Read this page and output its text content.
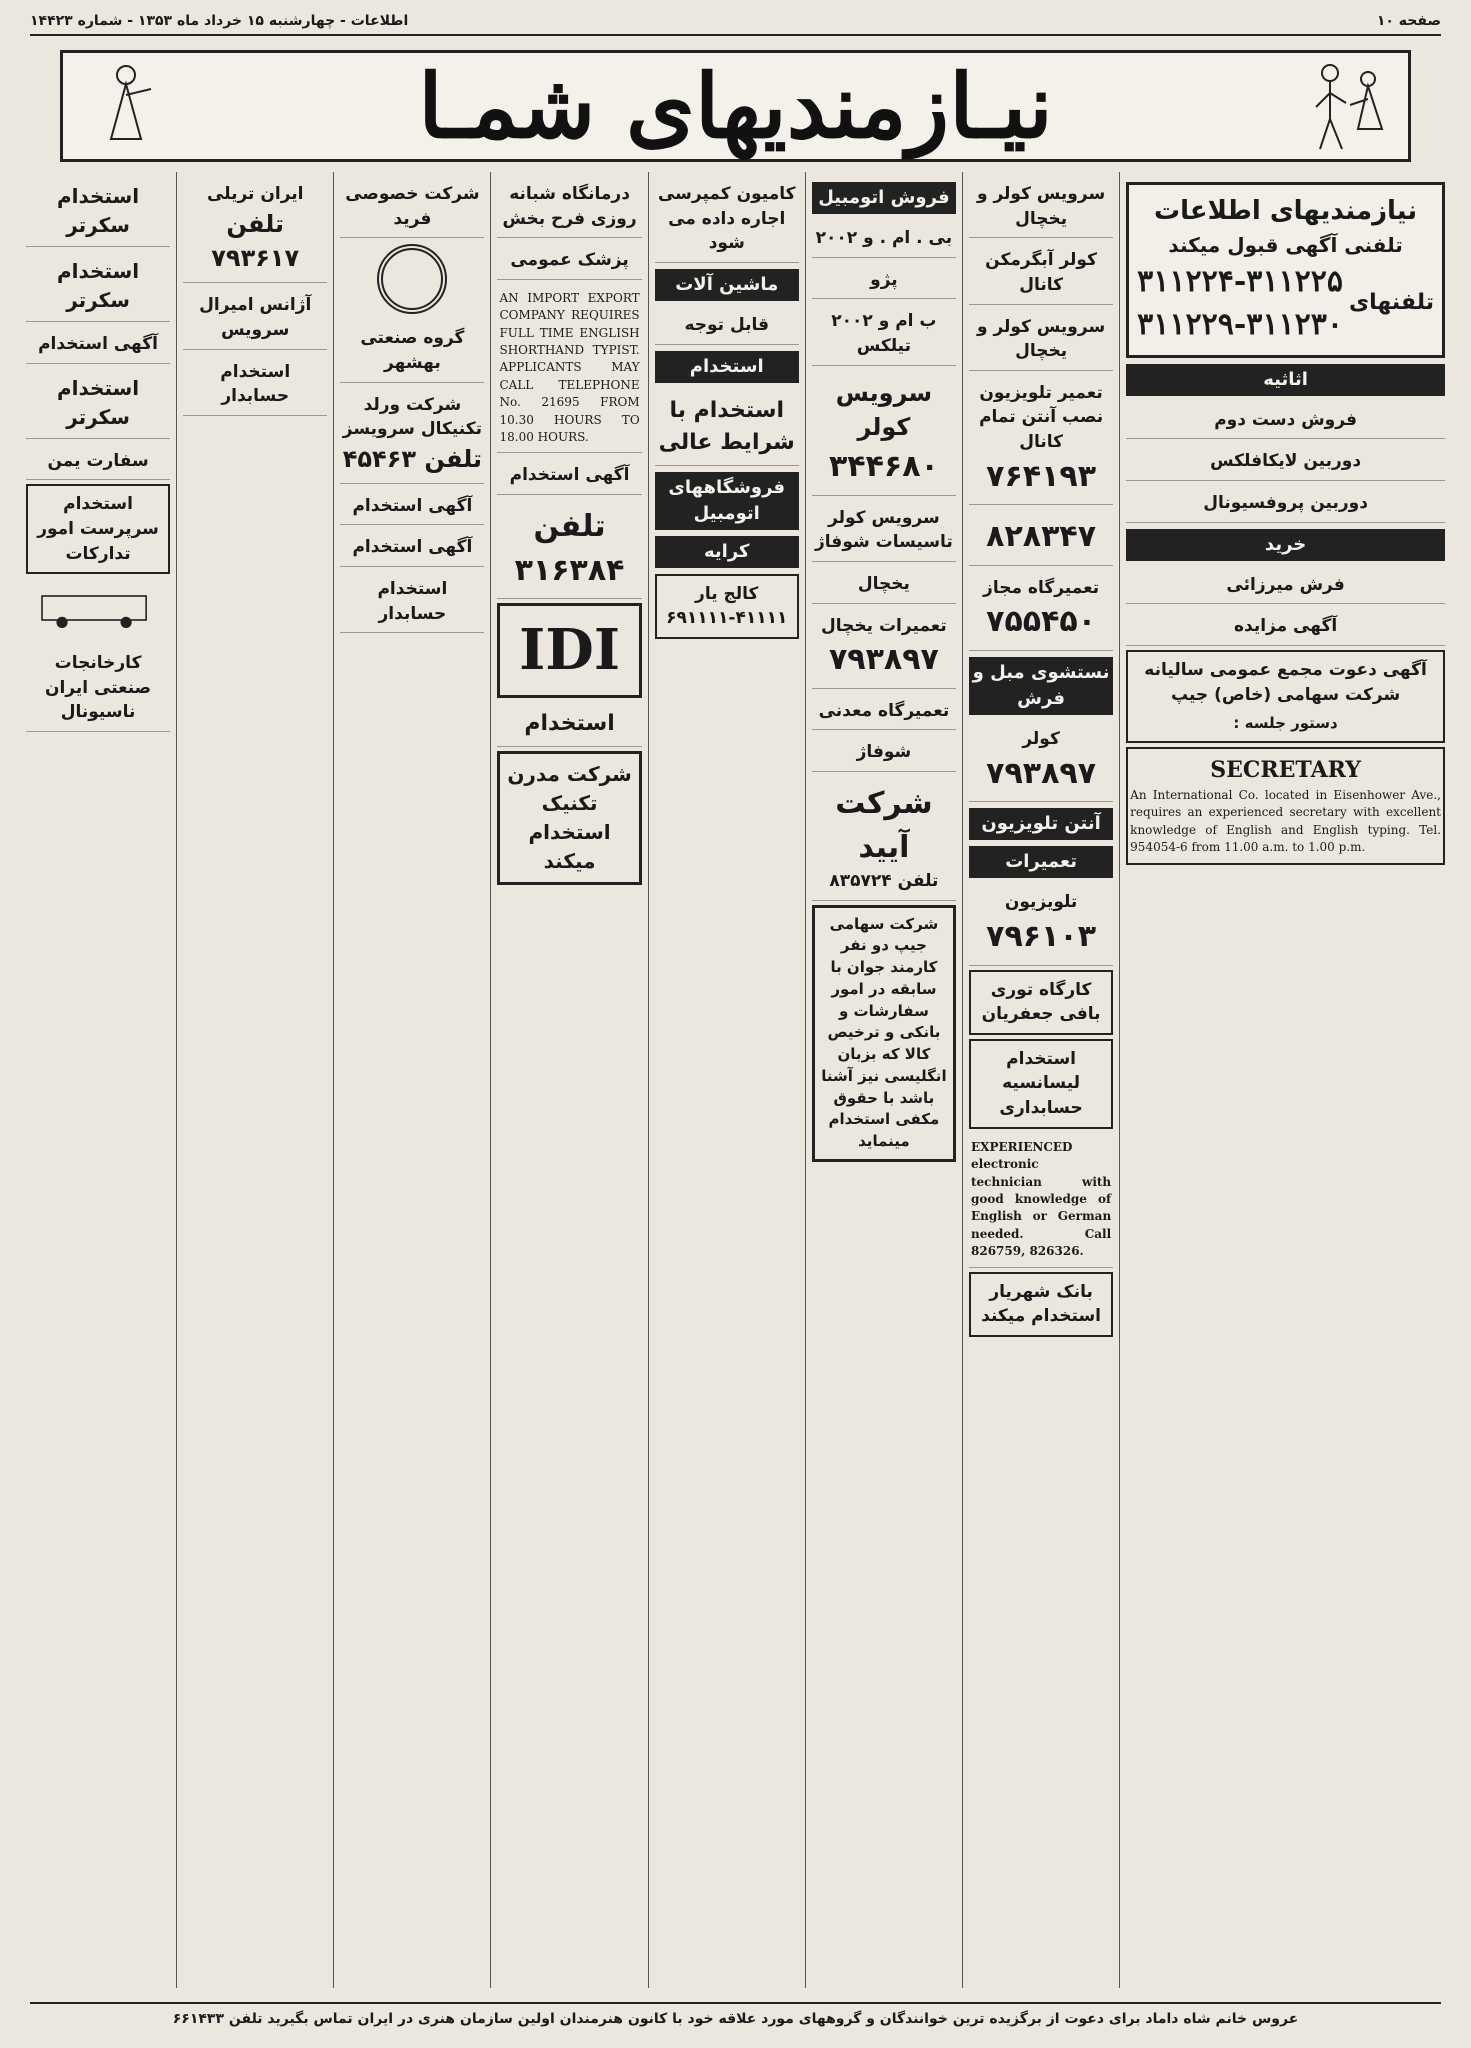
صفحه ۱۰
اطلاعات - چهارشنبه ۱۵ خرداد ماه ۱۳۵۳ - شماره ۱۴۴۲۳
نیـازمندیهای شمـا
نیازمندیهای اطلاعات
تلفنی آگهی قبول میکند
تلفنهای
۳۱۱۲۲۴-۳۱۱۲۲۵
۳۱۱۲۲۹-۳۱۱۲۳۰
اثاثیه
فروش دست دوم
دوربین لایکافلکس
دوربین پروفسیونال
خرید
فرش میرزائی
آگهی مزایده
آگهی دعوت مجمع عمومی سالیانه شرکت سهامی (خاص) جیپ
دستور جلسه :
SECRETARY
An International Co. located in Eisenhower Ave., requires an experienced secretary with excellent knowledge of English and English typing. Tel. 954054-6 from 11.00 a.m. to 1.00 p.m.
سرویس کولر و یخچال
کولر آبگرمکن کانال
سرویس کولر و یخچال
تعمیر تلویزیون نصب آنتن تمام کانال
۷۶۴۱۹۳
۸۲۸۳۴۷
تعمیرگاه مجاز
۷۵۵۴۵۰
نستشوی مبل و فرش
کولر
۷۹۳۸۹۷
آنتن تلویزیون
تعمیرات
تلویزیون
۷۹۶۱۰۳
کارگاه توری بافی جعفریان
استخدام لیسانسیه حسابداری
EXPERIENCED electronic technician with good knowledge of English or German needed. Call 826759, 826326.
بانک شهریار استخدام میکند
فروش اتومبیل
بی . ام . و ۲۰۰۲
پژو
ب ام و ۲۰۰۲ تیلکس
سرویس کولر
۳۴۴۶۸۰
سرویس کولر تاسیسات شوفاژ
یخچال
تعمیرات یخچال
۷۹۳۸۹۷
تعمیرگاه معدنی
شوفاژ
شرکت آیید
تلفن ۸۳۵۷۲۴
شرکت سهامی جیپ دو نفر کارمند جوان با سابقه در امور سفارشات و بانکی و ترخیص کالا که بزبان انگلیسی نیز آشنا باشد با حقوق مکفی استخدام مینماید
کامیون کمپرسی اجاره داده می شود
ماشین آلات
قابل توجه
استخدام
استخدام با شرایط عالی
فروشگاههای اتومبیل
کرایه
کالج یار
۶۹۱۱۱۱-۴۱۱۱۱
درمانگاه شبانه روزی فرح بخش
پزشک عمومی
AN IMPORT EXPORT COMPANY REQUIRES FULL TIME ENGLISH SHORTHAND TYPIST. APPLICANTS MAY CALL TELEPHONE No. 21695 FROM 10.30 HOURS TO 18.00 HOURS.
آگهی استخدام
تلفن ۳۱۶۳۸۴
IDI
استخدام
شرکت مدرن تکنیک استخدام میکند
شرکت خصوصی فرید
گروه صنعتی بهشهر
شرکت ورلد تکنیکال سرویسز
تلفن ۴۵۴۶۳
آگهی استخدام
آگهی استخدام
استخدام حسابدار
ایران تریلی
تلفن ۷۹۳۶۱۷
آژانس امیرال سرویس
استخدام حسابدار
استخدام سکرتر
استخدام سکرتر
آگهی استخدام
استخدام سکرتر
سفارت یمن
استخدام سرپرست امور تدارکات
کارخانجات صنعتی ایران ناسیونال
عروس خانم شاه داماد برای دعوت از برگزیده ترین خوانندگان و گروههای مورد علاقه خود با کانون هنرمندان اولین سازمان هنری در ایران تماس بگیرید تلفن ۶۶۱۴۳۳
